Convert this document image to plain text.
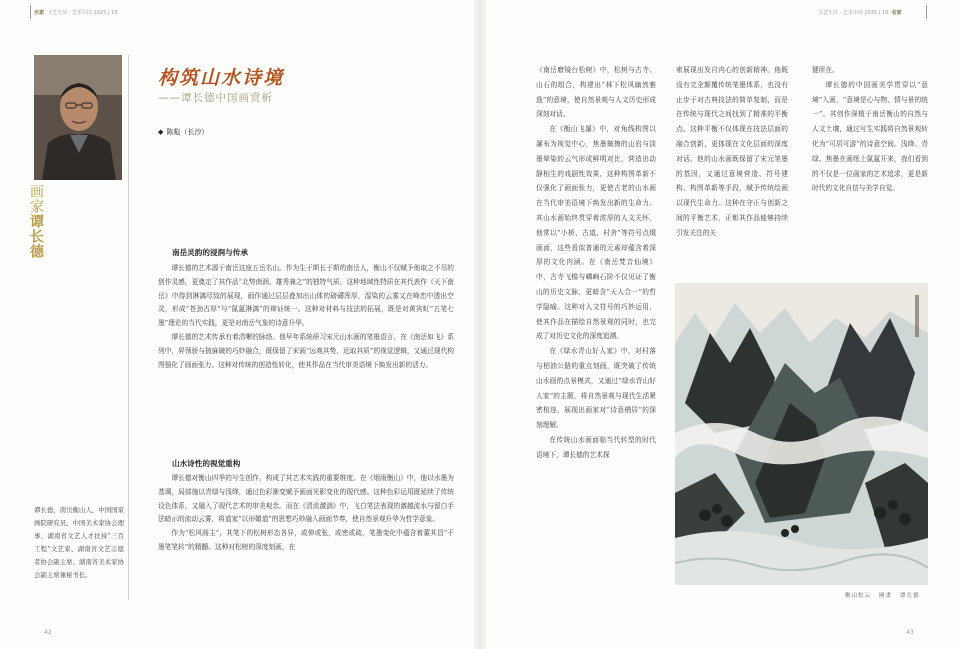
名家 文艺生活 · 艺术中国 2025 | 10
画家谭长德
谭长德，南岳衡山人，中国国家画院研究员、中国美术家协会理事、湖南省文艺人才扶持“三百工程”文艺家、湖南省文艺志愿者协会副主席、湖南省美术家协会副主席兼秘书长。
构筑山水诗境
——谭长德中国画赏析
◆ 陈彪（长沙）
南岳灵韵的浸润与传承

谭长德的艺术源于南岳这座五岳名山。作为生于斯长于斯的南岳人，衡山不仅赋予他取之不尽的创作灵感，更奠定了其作品“北势南润、雄秀兼之”的独特气质。这种地域性特质在其代表作《天下南岳》中得到淋漓尽致的展现，画作通过层层叠加出山体的磅礴浑厚，湿染的云雾又在峰峦中透出空灵，形成“苍劲古厚”与“氤氲淋漓”的辩证统一。这种对材料与技法的拓展，既是对黄宾虹“五笔七墨”理论的当代实践，更是对南岳气象的诗意升华。

谭长德的艺术传承有着清晰的脉络。他早年系统研习宋元山水画的笔墨语言，在《南岳如飞》系列中，昇领骄与披麻皴的巧妙融合，既保留了宋画“远观其势，近取其质”的视觉逻辑，又通过现代构图强化了画面张力。这种对传统的创造性转化，使其作品在当代审美语境下焕发出新的活力。

山水诗性的视觉重构

谭长德对衡山四季的写生创作，构成了其艺术实践的重要维度。在《烟雨衡山》中，他以水墨为基调，局部施以青绿与浅绛，通过色彩渐变赋予画面光影变化的现代感。这种色彩运用既延续了传统设色体系，又融入了现代艺术的审美观念。而在《清流激湍》中，飞白笔法表现的激越流水与留白手法暗示的流动云雾，将道家“以形媚道”的思想巧妙融入画面节奏，使自然景观升华为哲学意象。

作为“松风阁主”，其笔下的松树形态各异，或伸或张，或密或疏，笔墨变化中蕴含着董其昌“干墨笔笔转”的精髓。这种对松树的深度刻画，在

42
文艺生活 · 艺术中国 2025 | 10 名家

《南岳磨镜台松树》中，松树与古寺、山石的组合，构建出“林下松风幽然雅逸”的意境，使自然景观与人文历史形成深刻对话。

在《衡山飞瀑》中，对角线构图以瀑布为视觉中心，焦墨皴擦的山岩与淡墨晕染的云气形成鲜明对比，营造出动静相生的戏剧性效果。这种构图革新不仅强化了画面张力，更使古老的山水画在当代审美语境下焕发出新的生命力。其山水画始终贯穿着浓厚的人文关怀，他常以“小桥、古道、村舍”等符号点缀画面，这些看似普通的元素却蕴含着深厚的文化内涵。在《南岳梵音仙境》中，古寺飞檐与嶙峋石阶不仅见证了衡山的历史文脉，更暗含“天人合一”的哲学隐喻。这种对人文符号的巧妙运用，使其作品在描绘自然景观的同时，也完成了对历史文化的深度追溯。

在《绿水青山好人家》中，对村落与柏油公路的重点刻画，既突破了传统山水画的点景模式，又通过“绿水青山好人家”的主题，将自然景观与现代生活紧密相连，展现出画家对“诗意栖居”的深刻理解。

在传统山水画面临当代转型的时代语境下，谭长德的艺术探

索展现出发自内心的创新精神。他既没有完全颠覆传统笔墨体系，也没有止步于对古典技法的简单复制，而是在传统与现代之间找到了精准的平衡点。这种平衡不仅体现在技法层面的融合创新，更体现在文化层面的深度对话。他的山水画既保留了宋元笔墨的基因，又通过意境营造、符号建构、构图革新等手段，赋予传统绘画以现代生命力。这种在守正与创新之间的平衡艺术，正彰其作品能够持续引发关注的关

键所在。

谭长德的中国画美学贯穿以“意境”入画，“意境是心与物、情与景的统一”。其创作深植于南岳衡山的自然与人文土壤，通过写生实践将自然景观转化为“可居可游”的诗意空间。浅绛、青绿、焦墨在画纸上氤氲开来，我们看到的不仅是一位画家的艺术追求，更是新时代的文化自信与美学自觉。

衡山松云 國畫 谭长德
43
